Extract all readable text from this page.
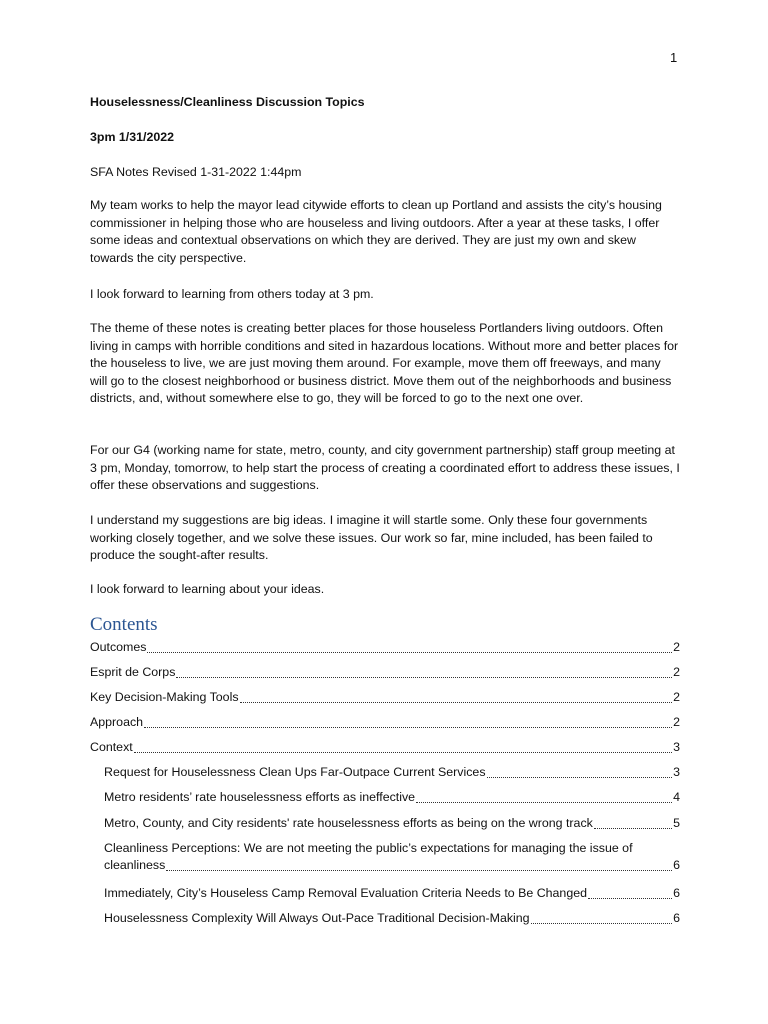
1
Houselessness/Cleanliness Discussion Topics
3pm 1/31/2022
SFA Notes Revised 1-31-2022 1:44pm
My team works to help the mayor lead citywide efforts to clean up Portland and assists the city’s housing commissioner in helping those who are houseless and living outdoors. After a year at these tasks, I offer some ideas and contextual observations on which they are derived. They are just my own and skew towards the city perspective.
I look forward to learning from others today at 3 pm.
The theme of these notes is creating better places for those houseless Portlanders living outdoors. Often living in camps with horrible conditions and sited in hazardous locations. Without more and better places for the houseless to live, we are just moving them around. For example, move them off freeways, and many will go to the closest neighborhood or business district. Move them out of the neighborhoods and business districts, and, without somewhere else to go, they will be forced to go to the next one over.
For our G4 (working name for state, metro, county, and city government partnership) staff group meeting at 3 pm, Monday, tomorrow, to help start the process of creating a coordinated effort to address these issues, I offer these observations and suggestions.
I understand my suggestions are big ideas. I imagine it will startle some. Only these four governments working closely together, and we solve these issues. Our work so far, mine included, has been failed to produce the sought-after results.
I look forward to learning about your ideas.
Contents
Outcomes	2
Esprit de Corps	2
Key Decision-Making Tools	2
Approach	2
Context	3
Request for Houselessness Clean Ups Far-Outpace Current Services	3
Metro residents’ rate houselessness efforts as ineffective	4
Metro, County, and City residents' rate houselessness efforts as being on the wrong track	5
Cleanliness Perceptions: We are not meeting the public’s expectations for managing the issue of
cleanliness	6
Immediately, City’s Houseless Camp Removal Evaluation Criteria Needs to Be Changed	6
Houselessness Complexity Will Always Out-Pace Traditional Decision-Making	6
